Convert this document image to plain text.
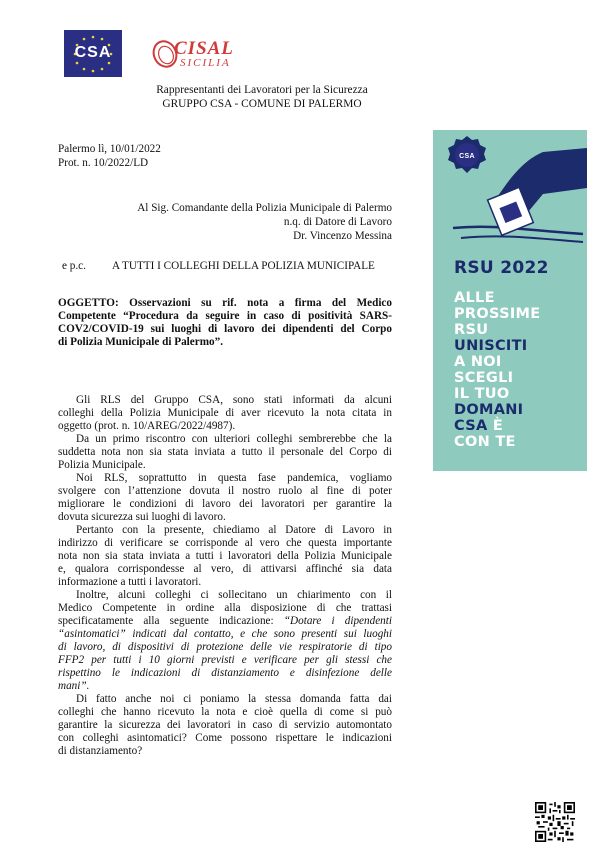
CSA	CISAL
SICILIA
Rappresentanti dei Lavoratori per la Sicurezza
GRUPPO CSA - COMUNE DI PALERMO
Palermo lì, 10/01/2022
Prot. n. 10/2022/LD
Al Sig. Comandante della Polizia Municipale di Palermo
n.q. di Datore di Lavoro
Dr. Vincenzo Messina
e p.c. A TUTTI I COLLEGHI DELLA POLIZIA MUNICIPALE
OGGETTO: Osservazioni su rif. nota a firma del Medico
Competente “Procedura da seguire in caso di positività SARS-
COV2/COVID-19 sui luoghi di lavoro dei dipendenti del Corpo
di Polizia Municipale di Palermo”.
Gli RLS del Gruppo CSA, sono stati informati da alcuni
colleghi della Polizia Municipale di aver ricevuto la nota citata in
oggetto (prot. n. 10/AREG/2022/4987).
Da un primo riscontro con ulteriori colleghi sembrerebbe che la
suddetta nota non sia stata inviata a tutto il personale del Corpo di
Polizia Municipale.
Noi RLS, soprattutto in questa fase pandemica, vogliamo
svolgere con l’attenzione dovuta il nostro ruolo al fine di poter
migliorare le condizioni di lavoro dei lavoratori per garantire la
dovuta sicurezza sui luoghi di lavoro.
Pertanto con la presente, chiediamo al Datore di Lavoro in
indirizzo di verificare se corrisponde al vero che questa importante
nota non sia stata inviata a tutti i lavoratori della Polizia Municipale
e, qualora corrispondesse al vero, di attivarsi affinché sia data
informazione a tutti i lavoratori.
Inoltre, alcuni colleghi ci sollecitano un chiarimento con il
Medico Competente in ordine alla disposizione di che trattasi
specificatamente alla seguente indicazione: “Dotare i dipendenti
“asintomatici” indicati dal contatto, e che sono presenti sui luoghi
di lavoro, di dispositivi di protezione delle vie respiratorie di tipo
FFP2 per tutti i 10 giorni previsti e verificare per gli stessi che
rispettino le indicazioni di distanziamento e disinfezione delle
mani”.
Di fatto anche noi ci poniamo la stessa domanda fatta dai
colleghi che hanno ricevuto la nota e cioè quella di come si può
garantire la sicurezza dei lavoratori in caso di servizio automontato
con colleghi asintomatici? Come possono rispettare le indicazioni
di distanziamento?
CSA
RSU 2022
ALLE
PROSSIME
RSU
UNISCITI
A NOI
SCEGLI
IL TUO
DOMANI
CSA È
CON TE
